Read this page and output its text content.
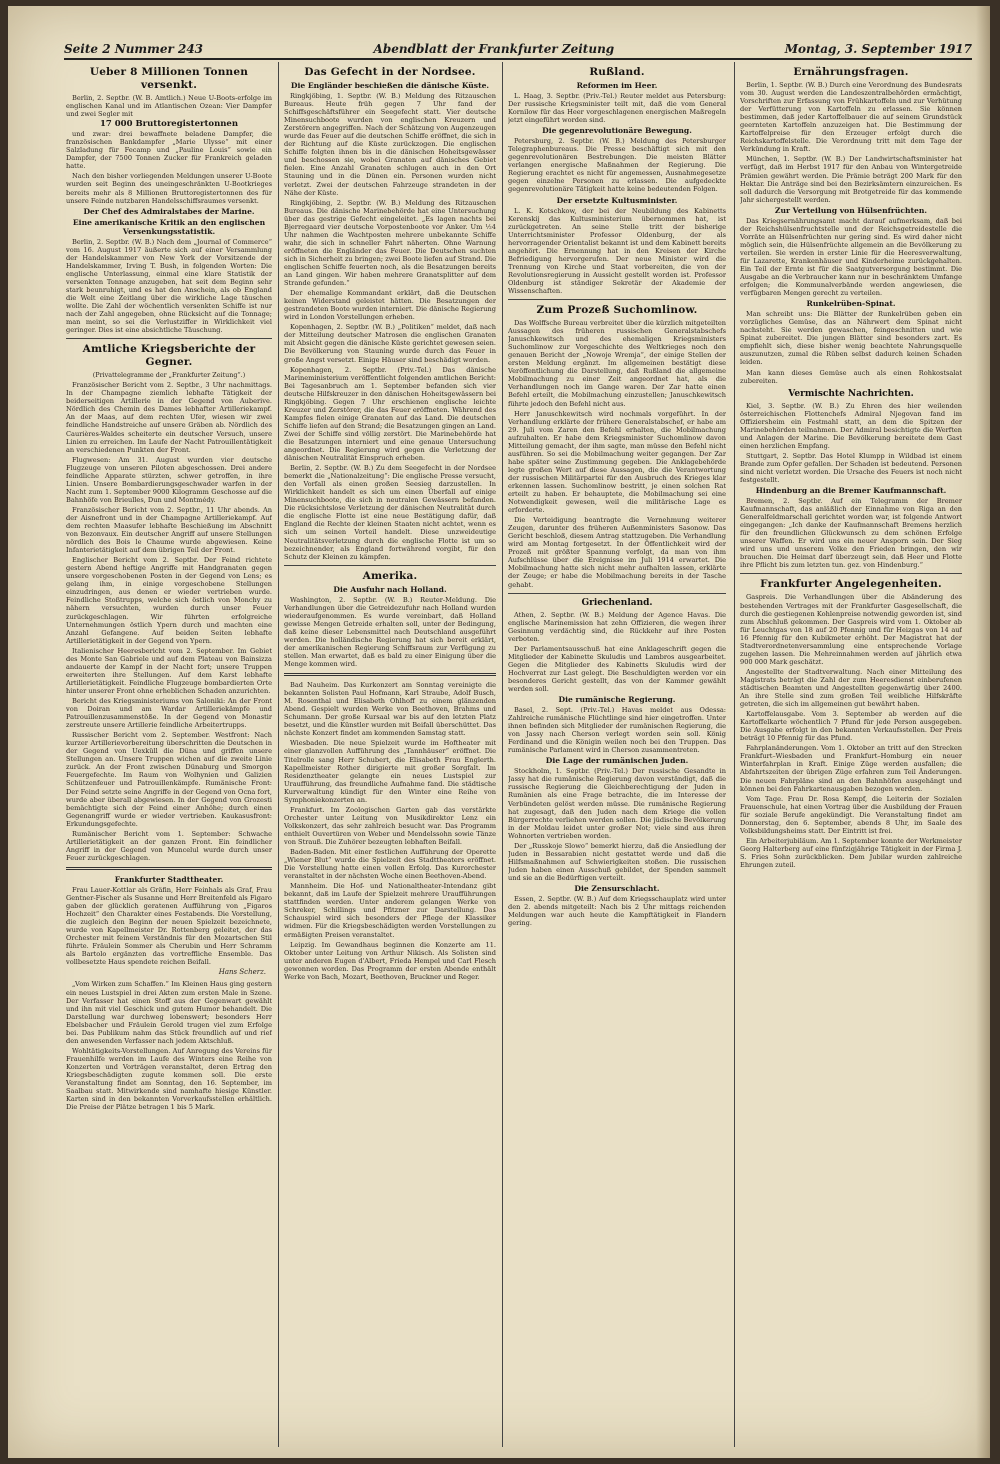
Seite 2 Nummer 243	Abendblatt der Frankfurter Zeitung	Montag, 3. September 1917
Ueber 8 Millionen Tonnen versenkt.

Berlin, 2. Septbr. (W. B. Amtlich.) Neue U-Boots-erfolge im englischen Kanal und im Atlantischen Ozean: Vier Dampfer und zwei Segler mit

17 000 Bruttoregistertonnen

und zwar: drei bewaffnete beladene Dampfer, die französischen Bankdampfer „Marie Ulysse“ mit einer Salzladung für Fecamp und „Pauline Louis“ sowie ein Dampfer, der 7500 Tonnen Zucker für Frankreich geladen hatte.

Nach den bisher vorliegenden Meldungen unserer U-Boote wurden seit Beginn des uneingeschränkten U-Bootkrieges bereits mehr als 8 Millionen Bruttoregistertonnen des für unsere Feinde nutzbaren Handelsschiffsraumes versenkt.

Der Chef des Admiralstabes der Marine.
Eine amerikanische Kritik an den englischen Versenkungsstatistik.

Berlin, 2. Septbr. (W. B.) Nach dem „Journal of Commerce“ vom 16. August 1917 äußerte sich auf einer Versammlung der Handelskammer von New York der Vorsitzende der Handelskammer, Irving T. Bush, in folgenden Worten: Die englische Unterlassung, einmal eine klare Statistik der versenkten Tonnage anzugeben, hat seit dem Beginn sehr stark beunruhigt, und es hat den Anschein, als ob England die Welt eine Zeitlang über die wirkliche Lage täuschen wollte. Die Zahl der wöchentlich versenkten Schiffe ist nur nach der Zahl angegeben, ohne Rücksicht auf die Tonnage; man meint, so sei die Verlustziffer in Wirklichkeit viel geringer. Dies ist eine absichtliche Täuschung.

Amtliche Kriegsberichte der Gegner.
(Privattelegramme der „Frankfurter Zeitung“.)

Französischer Bericht vom 2. Septbr., 3 Uhr nachmittags. In der Champagne ziemlich lebhafte Tätigkeit der beiderseitigen Artillerie in der Gegend von Auberive. Nördlich des Chemin des Dames lebhafter Artilleriekampf. An der Maas, auf dem rechten Ufer, wiesen wir zwei feindliche Handstreiche auf unsere Gräben ab. Nördlich des Caurières-Waldes scheiterte ein deutscher Versuch, unsere Linien zu erreichen. Im Laufe der Nacht Patrouillentätigkeit an verschiedenen Punkten der Front.

Flugwesen: Am 31. August wurden vier deutsche Flugzeuge von unseren Piloten abgeschossen. Drei andere feindliche Apparate stürzten, schwer getroffen, in ihre Linien. Unsere Bombardierungsgeschwader warfen in der Nacht zum 1. September 9000 Kilogramm Geschosse auf die Bahnhöfe von Brieulles, Dun und Montmédy.

Französischer Bericht vom 2. Septbr., 11 Uhr abends. An der Aisnefront und in der Champagne Artilleriekampf. Auf dem rechten Maasufer lebhafte Beschießung im Abschnitt von Bezonvaux. Ein deutscher Angriff auf unsere Stellungen nördlich des Bois le Chaume wurde abgewiesen. Keine Infanterietätigkeit auf dem übrigen Teil der Front.

Englischer Bericht vom 2. Septbr. Der Feind richtete gestern Abend heftige Angriffe mit Handgranaten gegen unsere vorgeschobenen Posten in der Gegend von Lens; es gelang ihm, in einige vorgeschobene Stellungen einzudringen, aus denen er wieder vertrieben wurde. Feindliche Stoßtrupps, welche sich östlich von Monchy zu nähern versuchten, wurden durch unser Feuer zurückgeschlagen. Wir führten erfolgreiche Unternehmungen östlich Ypern durch und machten eine Anzahl Gefangene. Auf beiden Seiten lebhafte Artillerietätigkeit in der Gegend von Ypern.

Italienischer Heeresbericht vom 2. September. Im Gebiet des Monte San Gabriele und auf dem Plateau von Bainsizza andauerte der Kampf in der Nacht fort; unsere Truppen erweiterten ihre Stellungen. Auf dem Karst lebhafte Artillerietätigkeit. Feindliche Flugzeuge bombardierten Orte hinter unserer Front ohne erheblichen Schaden anzurichten.

Bericht des Kriegsministeriums von Saloniki: An der Front von Doiran und am Wardar Artilleriekämpfe und Patrouillenzusammenstöße. In der Gegend von Monastir zerstreute unsere Artillerie feindliche Arbeitertrupps.

Russischer Bericht vom 2. September. Westfront: Nach kurzer Artillerievorbereitung überschritten die Deutschen in der Gegend von Uexküll die Düna und griffen unsere Stellungen an. Unsere Truppen wichen auf die zweite Linie zurück. An der Front zwischen Dünaburg und Smorgon Feuergefechte. Im Raum von Wolhynien und Galizien Schützenfeuer und Patrouillenkämpfe. Rumänische Front: Der Feind setzte seine Angriffe in der Gegend von Ocna fort, wurde aber überall abgewiesen. In der Gegend von Grozesti bemächtigte sich der Feind einer Anhöhe; durch einen Gegenangriff wurde er wieder vertrieben. Kaukasusfront: Erkundungsgefechte.

Rumänischer Bericht vom 1. September: Schwache Artillerietätigkeit an der ganzen Front. Ein feindlicher Angriff in der Gegend von Muncelul wurde durch unser Feuer zurückgeschlagen.

Frankfurter Stadttheater.

Frau Lauer-Kottlar als Gräfin, Herr Feinhals als Graf, Frau Gentner-Fischer als Susanne und Herr Breitenfeld als Figaro gaben der glücklich geratenen Aufführung von „Figaros Hochzeit“ den Charakter eines Festabends. Die Vorstellung, die zugleich den Beginn der neuen Spielzeit bezeichnete, wurde von Kapellmeister Dr. Rottenberg geleitet, der das Orchester mit feinem Verständnis für den Mozartschen Stil führte. Fräulein Sommer als Cherubin und Herr Schramm als Bartolo ergänzten das vortreffliche Ensemble. Das vollbesetzte Haus spendete reichen Beifall.

Hans Scherz.

„Vom Wirken zum Schaffen.“ Im Kleinen Haus ging gestern ein neues Lustspiel in drei Akten zum ersten Male in Szene. Der Verfasser hat einen Stoff aus der Gegenwart gewählt und ihn mit viel Geschick und gutem Humor behandelt. Die Darstellung war durchweg lobenswert; besonders Herr Ebelsbacher und Fräulein Gerold trugen viel zum Erfolge bei. Das Publikum nahm das Stück freundlich auf und rief den anwesenden Verfasser nach jedem Aktschluß.

Wohltätigkeits-Vorstellungen. Auf Anregung des Vereins für Frauenhilfe werden im Laufe des Winters eine Reihe von Konzerten und Vorträgen veranstaltet, deren Ertrag den Kriegsbeschädigten zugute kommen soll. Die erste Veranstaltung findet am Sonntag, den 16. September, im Saalbau statt. Mitwirkende sind namhafte hiesige Künstler. Karten sind in den bekannten Vorverkaufsstellen erhältlich. Die Preise der Plätze betragen 1 bis 5 Mark.

Das Gefecht in der Nordsee.
Die Engländer beschießen die dänische Küste.

Ringkjöbing, 1. Septbr. (W. B.) Meldung des Ritzauschen Bureaus. Heute früh gegen 7 Uhr fand der Schiffsgeschäftsführer ein Seegefecht statt. Vier deutsche Minensuchboote wurden von englischen Kreuzern und Zerstörern angegriffen. Nach der Schätzung von Augenzeugen wurde das Feuer auf die deutschen Schiffe eröffnet, die sich in der Richtung auf die Küste zurückzogen. Die englischen Schiffe folgten ihnen bis in die dänischen Hoheitsgewässer und beschossen sie, wobei Granaten auf dänisches Gebiet fielen. Eine Anzahl Granaten schlugen auch in den Ort Stauning und in die Dünen ein. Personen wurden nicht verletzt. Zwei der deutschen Fahrzeuge strandeten in der Nähe der Küste.

Ringkjöbing, 2. Septbr. (W. B.) Meldung des Ritzauschen Bureaus. Die dänische Marinebehörde hat eine Untersuchung über das gestrige Gefecht eingeleitet. „Es lagen nachts bei Bjerregaard vier deutsche Vorpostenboote vor Anker. Um ½4 Uhr nahmen die Wachtposten mehrere unbekannte Schiffe wahr, die sich in schneller Fahrt näherten. Ohne Warnung eröffneten die Engländer das Feuer. Die Deutschen suchten sich in Sicherheit zu bringen; zwei Boote liefen auf Strand. Die englischen Schiffe feuerten noch, als die Besatzungen bereits an Land gingen. Wir haben mehrere Granatsplitter auf dem Strande gefunden.“

Der ehemalige Kommandant erklärt, daß die Deutschen keinen Widerstand geleistet hätten. Die Besatzungen der gestrandeten Boote wurden interniert. Die dänische Regierung wird in London Vorstellungen erheben.

Kopenhagen, 2. Septbr. (W. B.) „Politiken“ meldet, daß nach der Mitteilung deutscher Matrosen die englischen Granaten mit Absicht gegen die dänische Küste gerichtet gewesen seien. Die Bevölkerung von Stauning wurde durch das Feuer in große Angst versetzt. Einige Häuser sind beschädigt worden.

Kopenhagen, 2. Septbr. (Priv.-Tel.) Das dänische Marineministerium veröffentlicht folgenden amtlichen Bericht: Bei Tagesanbruch am 1. September befanden sich vier deutsche Hilfskreuzer in den dänischen Hoheitsgewässern bei Ringkjöbing. Gegen 7 Uhr erschienen englische leichte Kreuzer und Zerstörer, die das Feuer eröffneten. Während des Kampfes fielen einige Granaten auf das Land. Die deutschen Schiffe liefen auf den Strand; die Besatzungen gingen an Land. Zwei der Schiffe sind völlig zerstört. Die Marinebehörde hat die Besatzungen interniert und eine genaue Untersuchung angeordnet. Die Regierung wird gegen die Verletzung der dänischen Neutralität Einspruch erheben.

Berlin, 2. Septbr. (W. B.) Zu dem Seegefecht in der Nordsee bemerkt die „Nationalzeitung“: Die englische Presse versucht, den Vorfall als einen großen Seesieg darzustellen. In Wirklichkeit handelt es sich um einen Überfall auf einige Minensuchboote, die sich in neutralen Gewässern befanden. Die rücksichtslose Verletzung der dänischen Neutralität durch die englische Flotte ist eine neue Bestätigung dafür, daß England die Rechte der kleinen Staaten nicht achtet, wenn es sich um seinen Vorteil handelt. Diese unzweideutige Neutralitätsverletzung durch die englische Flotte ist um so bezeichnender, als England fortwährend vorgibt, für den Schutz der Kleinen zu kämpfen.

Amerika.
Die Ausfuhr nach Holland.

Washington, 2. Septbr. (W. B.) Reuter-Meldung. Die Verhandlungen über die Getreidezufuhr nach Holland wurden wiederaufgenommen. Es wurde vereinbart, daß Holland gewisse Mengen Getreide erhalten soll, unter der Bedingung, daß keine dieser Lebensmittel nach Deutschland ausgeführt werden. Die holländische Regierung hat sich bereit erklärt, der amerikanischen Regierung Schiffsraum zur Verfügung zu stellen. Man erwartet, daß es bald zu einer Einigung über die Menge kommen wird.

Bad Nauheim. Das Kurkonzert am Sonntag vereinigte die bekannten Solisten Paul Hofmann, Karl Straube, Adolf Busch, M. Rosenthal und Elisabeth Ohlhoff zu einem glänzenden Abend. Gespielt wurden Werke von Beethoven, Brahms und Schumann. Der große Kursaal war bis auf den letzten Platz besetzt, und die Künstler wurden mit Beifall überschüttet. Das nächste Konzert findet am kommenden Samstag statt.

Wiesbaden. Die neue Spielzeit wurde im Hoftheater mit einer glanzvollen Aufführung des „Tannhäuser“ eröffnet. Die Titelrolle sang Herr Schubert, die Elisabeth Frau Englerth. Kapellmeister Rother dirigierte mit großer Sorgfalt. Im Residenztheater gelangte ein neues Lustspiel zur Uraufführung, das freundliche Aufnahme fand. Die städtische Kurverwaltung kündigt für den Winter eine Reihe von Symphoniekonzerten an.

Frankfurt. Im Zoologischen Garten gab das verstärkte Orchester unter Leitung von Musikdirektor Lenz ein Volkskonzert, das sehr zahlreich besucht war. Das Programm enthielt Ouvertüren von Weber und Mendelssohn sowie Tänze von Strauß. Die Zuhörer bezeugten lebhaften Beifall.

Baden-Baden. Mit einer festlichen Aufführung der Operette „Wiener Blut“ wurde die Spielzeit des Stadttheaters eröffnet. Die Vorstellung hatte einen vollen Erfolg. Das Kurorchester veranstaltet in der nächsten Woche einen Beethoven-Abend.

Mannheim. Die Hof- und Nationaltheater-Intendanz gibt bekannt, daß im Laufe der Spielzeit mehrere Uraufführungen stattfinden werden. Unter anderem gelangen Werke von Schreker, Schillings und Pfitzner zur Darstellung. Das Schauspiel wird sich besonders der Pflege der Klassiker widmen. Für die Kriegsbeschädigten werden Vorstellungen zu ermäßigten Preisen veranstaltet.

Leipzig. Im Gewandhaus beginnen die Konzerte am 11. Oktober unter Leitung von Arthur Nikisch. Als Solisten sind unter anderen Eugen d'Albert, Frieda Hempel und Carl Flesch gewonnen worden. Das Programm der ersten Abende enthält Werke von Bach, Mozart, Beethoven, Bruckner und Reger.

Rußland.
Reformen im Heer.

L. Haag, 3. Septbr. (Priv.-Tel.) Reuter meldet aus Petersburg: Der russische Kriegsminister teilt mit, daß die vom General Kornilow für das Heer vorgeschlagenen energischen Maßregeln jetzt eingeführt worden sind.

Die gegenrevolutionäre Bewegung.

Petersburg, 2. Septbr. (W. B.) Meldung des Petersburger Telegraphenbureaus. Die Presse beschäftigt sich mit den gegenrevolutionären Bestrebungen. Die meisten Blätter verlangen energische Maßnahmen der Regierung. Die Regierung erachtet es nicht für angemessen, Ausnahmegesetze gegen einzelne Personen zu erlassen. Die aufgedeckte gegenrevolutionäre Tätigkeit hatte keine bedeutenden Folgen.

Der ersetzte Kultusminister.

L. K. Kotschkow, der bei der Neubildung des Kabinetts Kerenskij das Kultusministerium übernommen hat, ist zurückgetreten. An seine Stelle tritt der bisherige Unterrichtsminister Professor Oldenburg, der als hervorragender Orientalist bekannt ist und dem Kabinett bereits angehört. Die Ernennung hat in den Kreisen der Kirche Befriedigung hervorgerufen. Der neue Minister wird die Trennung von Kirche und Staat vorbereiten, die von der Revolutionsregierung in Aussicht gestellt worden ist. Professor Oldenburg ist ständiger Sekretär der Akademie der Wissenschaften.

Zum Prozeß Suchomlinow.

Das Wolffsche Bureau verbreitet über die kürzlich mitgeteilten Aussagen des früheren russischen Generalstabschefs Januschkewitsch und des ehemaligen Kriegsministers Suchomlinow zur Vorgeschichte des Weltkrieges noch den genauen Bericht der „Nowoje Wremja“, der einige Stellen der ersten Meldung ergänzt. Im allgemeinen bestätigt diese Veröffentlichung die Darstellung, daß Rußland die allgemeine Mobilmachung zu einer Zeit angeordnet hat, als die Verhandlungen noch im Gange waren. Der Zar hatte einen Befehl erteilt, die Mobilmachung einzustellen; Januschkewitsch führte jedoch den Befehl nicht aus.

Herr Januschkewitsch wird nochmals vorgeführt. In der Verhandlung erklärte der frühere Generalstabschef, er habe am 29. Juli vom Zaren den Befehl erhalten, die Mobilmachung aufzuhalten. Er habe dem Kriegsminister Suchomlinow davon Mitteilung gemacht, der ihm sagte, man müsse den Befehl nicht ausführen. So sei die Mobilmachung weiter gegangen. Der Zar habe später seine Zustimmung gegeben. Die Anklagebehörde legte großen Wert auf diese Aussagen, die die Verantwortung der russischen Militärpartei für den Ausbruch des Krieges klar erkennen lassen. Suchomlinow bestritt, je einen solchen Rat erteilt zu haben. Er behauptete, die Mobilmachung sei eine Notwendigkeit gewesen, weil die militärische Lage es erforderte.

Die Verteidigung beantragte die Vernehmung weiterer Zeugen, darunter des früheren Außenministers Sasonow. Das Gericht beschloß, diesem Antrag stattzugeben. Die Verhandlung wird am Montag fortgesetzt. In der Öffentlichkeit wird der Prozeß mit größter Spannung verfolgt, da man von ihm Aufschlüsse über die Ereignisse im Juli 1914 erwartet. Die Mobilmachung hatte sich nicht mehr aufhalten lassen, erklärte der Zeuge; er habe die Mobilmachung bereits in der Tasche gehabt.

Griechenland.

Athen, 2. Septbr. (W. B.) Meldung der Agence Havas. Die englische Marinemission hat zehn Offizieren, die wegen ihrer Gesinnung verdächtig sind, die Rückkehr auf ihre Posten verboten.

Der Parlamentsausschuß hat eine Anklageschrift gegen die Mitglieder der Kabinette Skuludis und Lambros ausgearbeitet. Gegen die Mitglieder des Kabinetts Skuludis wird der Hochverrat zur Last gelegt. Die Beschuldigten werden vor ein besonderes Gericht gestellt, das von der Kammer gewählt werden soll.

Die rumänische Regierung.

Basel, 2. Sept. (Priv.-Tel.) Havas meldet aus Odessa: Zahlreiche rumänische Flüchtlinge sind hier eingetroffen. Unter ihnen befinden sich Mitglieder der rumänischen Regierung, die von Jassy nach Cherson verlegt worden sein soll. König Ferdinand und die Königin weilen noch bei den Truppen. Das rumänische Parlament wird in Cherson zusammentreten.

Die Lage der rumänischen Juden.

Stockholm, 1. Septbr. (Priv.-Tel.) Der russische Gesandte in Jassy hat die rumänische Regierung davon verständigt, daß die russische Regierung die Gleichberechtigung der Juden in Rumänien als eine Frage betrachte, die im Interesse der Verbündeten gelöst werden müsse. Die rumänische Regierung hat zugesagt, daß den Juden nach dem Kriege die vollen Bürgerrechte verliehen werden sollen. Die jüdische Bevölkerung in der Moldau leidet unter großer Not; viele sind aus ihren Wohnorten vertrieben worden.

Der „Russkoje Slowo“ bemerkt hierzu, daß die Ansiedlung der Juden in Bessarabien nicht gestattet werde und daß die Hilfsmaßnahmen auf Schwierigkeiten stoßen. Die russischen Juden haben einen Ausschuß gebildet, der Spenden sammelt und sie an die Bedürftigen verteilt.

Die Zensurschlacht.

Essen, 2. Septbr. (W. B.) Auf dem Kriegsschauplatz wird unter den 2. abends mitgeteilt: Nach bis 2 Uhr mittags reichenden Meldungen war auch heute die Kampftätigkeit in Flandern gering.

Ernährungsfragen.

Berlin, 1. Septbr. (W. B.) Durch eine Verordnung des Bundesrats vom 30. August werden die Landeszentralbehörden ermächtigt, Vorschriften zur Erfassung von Frühkartoffeln und zur Verhütung der Verfütterung von Kartoffeln zu erlassen. Sie können bestimmen, daß jeder Kartoffelbauer die auf seinem Grundstück geernteten Kartoffeln anzuzeigen hat. Die Bestimmung der Kartoffelpreise für den Erzeuger erfolgt durch die Reichskartoffelstelle. Die Verordnung tritt mit dem Tage der Verkündung in Kraft.

München, 1. Septbr. (W. B.) Der Landwirtschaftsminister hat verfügt, daß im Herbst 1917 für den Anbau von Wintergetreide Prämien gewährt werden. Die Prämie beträgt 200 Mark für den Hektar. Die Anträge sind bei den Bezirksämtern einzureichen. Es soll dadurch die Versorgung mit Brotgetreide für das kommende Jahr sichergestellt werden.

Zur Verteilung von Hülsenfrüchten.

Das Kriegsernährungsamt macht darauf aufmerksam, daß bei der Reichshülsenfruchtstelle und der Reichsgetreidestelle die Vorräte an Hülsenfrüchten nur gering sind. Es wird daher nicht möglich sein, die Hülsenfrüchte allgemein an die Bevölkerung zu verteilen. Sie werden in erster Linie für die Heeresverwaltung, für Lazarette, Krankenhäuser und Kinderheime zurückgehalten. Ein Teil der Ernte ist für die Saatgutversorgung bestimmt. Die Ausgabe an die Verbraucher kann nur in beschränktem Umfange erfolgen; die Kommunalverbände werden angewiesen, die verfügbaren Mengen gerecht zu verteilen.

Runkelrüben-Spinat.

Man schreibt uns: Die Blätter der Runkelrüben geben ein vorzügliches Gemüse, das an Nährwert dem Spinat nicht nachsteht. Sie werden gewaschen, feingeschnitten und wie Spinat zubereitet. Die jungen Blätter sind besonders zart. Es empfiehlt sich, diese bisher wenig beachtete Nahrungsquelle auszunutzen, zumal die Rüben selbst dadurch keinen Schaden leiden.

Man kann dieses Gemüse auch als einen Rohkostsalat zubereiten.

Vermischte Nachrichten.

Kiel, 3. Septbr. (W. B.) Zu Ehren des hier weilenden österreichischen Flottenchefs Admiral Njegovan fand im Offiziersheim ein Festmahl statt, an dem die Spitzen der Marinebehörden teilnahmen. Der Admiral besichtigte die Werften und Anlagen der Marine. Die Bevölkerung bereitete dem Gast einen herzlichen Empfang.

Stuttgart, 2. Septbr. Das Hotel Klumpp in Wildbad ist einem Brande zum Opfer gefallen. Der Schaden ist bedeutend. Personen sind nicht verletzt worden. Die Ursache des Feuers ist noch nicht festgestellt.

Hindenburg an die Bremer Kaufmannschaft.

Bremen, 2. Septbr. Auf ein Telegramm der Bremer Kaufmannschaft, das anläßlich der Einnahme von Riga an den Generalfeldmarschall gerichtet worden war, ist folgende Antwort eingegangen: „Ich danke der Kaufmannschaft Bremens herzlich für den freundlichen Glückwunsch zu dem schönen Erfolge unserer Waffen. Er wird uns ein neuer Ansporn sein. Der Sieg wird uns und unserem Volke den Frieden bringen, den wir brauchen. Die Heimat darf überzeugt sein, daß Heer und Flotte ihre Pflicht bis zum letzten tun. gez. von Hindenburg.“

Frankfurter Angelegenheiten.

Gaspreis. Die Verhandlungen über die Abänderung des bestehenden Vertrages mit der Frankfurter Gasgesellschaft, die durch die gestiegenen Kohlenpreise notwendig geworden ist, sind zum Abschluß gekommen. Der Gaspreis wird vom 1. Oktober ab für Leuchtgas von 18 auf 20 Pfennig und für Heizgas von 14 auf 16 Pfennig für den Kubikmeter erhöht. Der Magistrat hat der Stadtverordnetenversammlung eine entsprechende Vorlage zugehen lassen. Die Mehreinnahmen werden auf jährlich etwa 900 000 Mark geschätzt.

Angestellte der Stadtverwaltung. Nach einer Mitteilung des Magistrats beträgt die Zahl der zum Heeresdienst einberufenen städtischen Beamten und Angestellten gegenwärtig über 2400. An ihre Stelle sind zum großen Teil weibliche Hilfskräfte getreten, die sich im allgemeinen gut bewährt haben.

Kartoffelausgabe. Vom 3. September ab werden auf die Kartoffelkarte wöchentlich 7 Pfund für jede Person ausgegeben. Die Ausgabe erfolgt in den bekannten Verkaufsstellen. Der Preis beträgt 10 Pfennig für das Pfund.

Fahrplanänderungen. Vom 1. Oktober an tritt auf den Strecken Frankfurt–Wiesbaden und Frankfurt–Homburg ein neuer Winterfahrplan in Kraft. Einige Züge werden ausfallen; die Abfahrtszeiten der übrigen Züge erfahren zum Teil Änderungen. Die neuen Fahrpläne sind an den Bahnhöfen ausgehängt und können bei den Fahrkartenausgaben bezogen werden.

Vom Tage. Frau Dr. Rosa Kempf, die Leiterin der Sozialen Frauenschule, hat einen Vortrag über die Ausbildung der Frauen für soziale Berufe angekündigt. Die Veranstaltung findet am Donnerstag, den 6. September, abends 8 Uhr, im Saale des Volksbildungsheims statt. Der Eintritt ist frei.

Ein Arbeiterjubiläum. Am 1. September konnte der Werkmeister Georg Halterberg auf eine fünfzigjährige Tätigkeit in der Firma J. S. Fries Sohn zurückblicken. Dem Jubilar wurden zahlreiche Ehrungen zuteil.
